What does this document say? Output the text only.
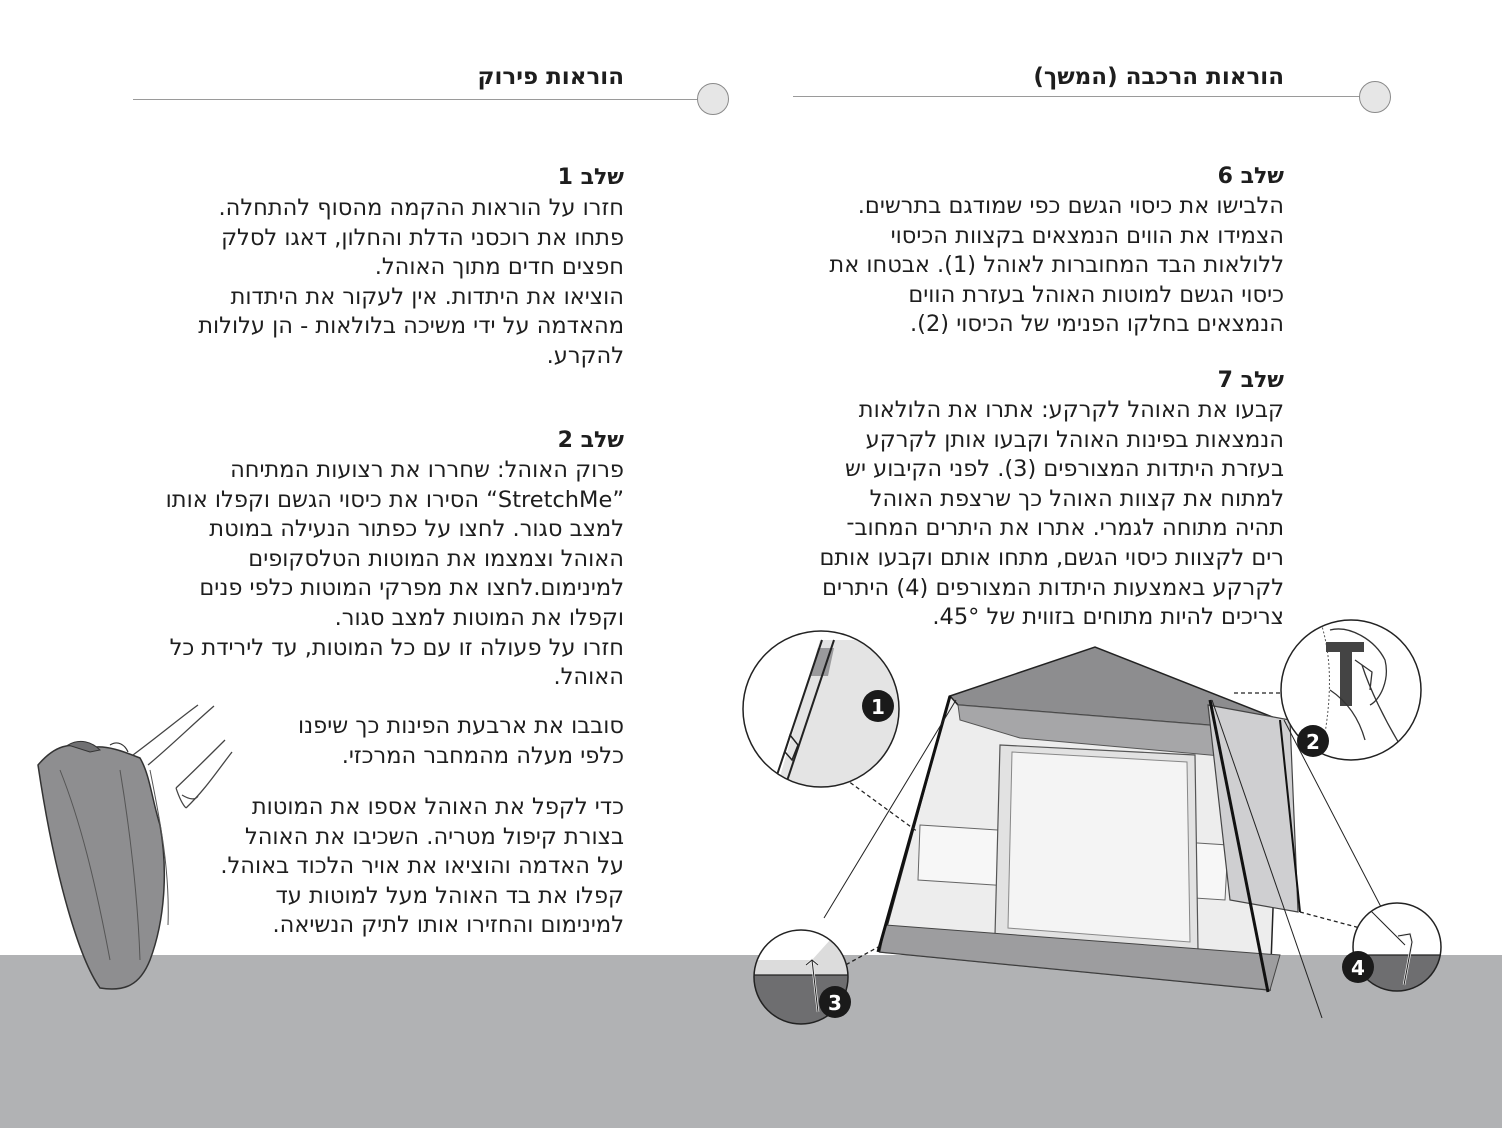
הוראות פירוק
שלב 1
חזרו על הוראות ההקמה מהסוף להתחלה.
פתחו את רוכסני הדלת והחלון, דאגו לסלק
חפצים חדים מתוך האוהל.
הוציאו את היתדות. אין לעקור את היתדות
מהאדמה על ידי משיכה בלולאות - הן עלולות
להקרע.
שלב 2
פרוק האוהל: שחררו את רצועות המתיחה
”StretchMe“ הסירו את כיסוי הגשם וקפלו אותו
למצב סגור. לחצו על כפתור הנעילה במוטת
האוהל וצמצמו את המוטות הטלסקופים
למינימום.לחצו את מפרקי המוטות כלפי פנים
וקפלו את המוטות למצב סגור.
חזרו על פעולה זו עם כל המוטות, עד לירידת כל
האוהל.
סובבו את ארבעת הפינות כך שיפנו
כלפי מעלה מהמחבר המרכזי.
כדי לקפל את האוהל אספו את המוטות
בצורת קיפול מטריה. השכיבו את האוהל
על האדמה והוציאו את אויר הלכוד באוהל.
קפלו את בד האוהל מעל למוטות עד
למינימום והחזירו אותו לתיק הנשיאה.
הוראות הרכבה (המשך)
שלב 6
הלבישו את כיסוי הגשם כפי שמודגם בתרשים.
הצמידו את הווים הנמצאים בקצוות הכיסוי
ללולאות הבד המחוברות לאוהל (1). אבטחו את
כיסוי הגשם למוטות האוהל בעזרת הווים
הנמצאים בחלקו הפנימי של הכיסוי (2).
שלב 7
קבעו את האוהל לקרקע: אתרו את הלולאות
הנמצאות בפינות האוהל וקבעו אותן לקרקע
בעזרת היתדות המצורפים (3). לפני הקיבוע יש
למתוח את קצוות האוהל כך שרצפת האוהל
תהיה מתוחה לגמרי. אתרו את היתרים המחוב־
רים לקצוות כיסוי הגשם, מתחו אותם וקבעו אותם
לקרקע באמצעות היתדות המצורפים (4) היתרים
צריכים להיות מתוחים בזווית של 45°.
1
2
3
4
